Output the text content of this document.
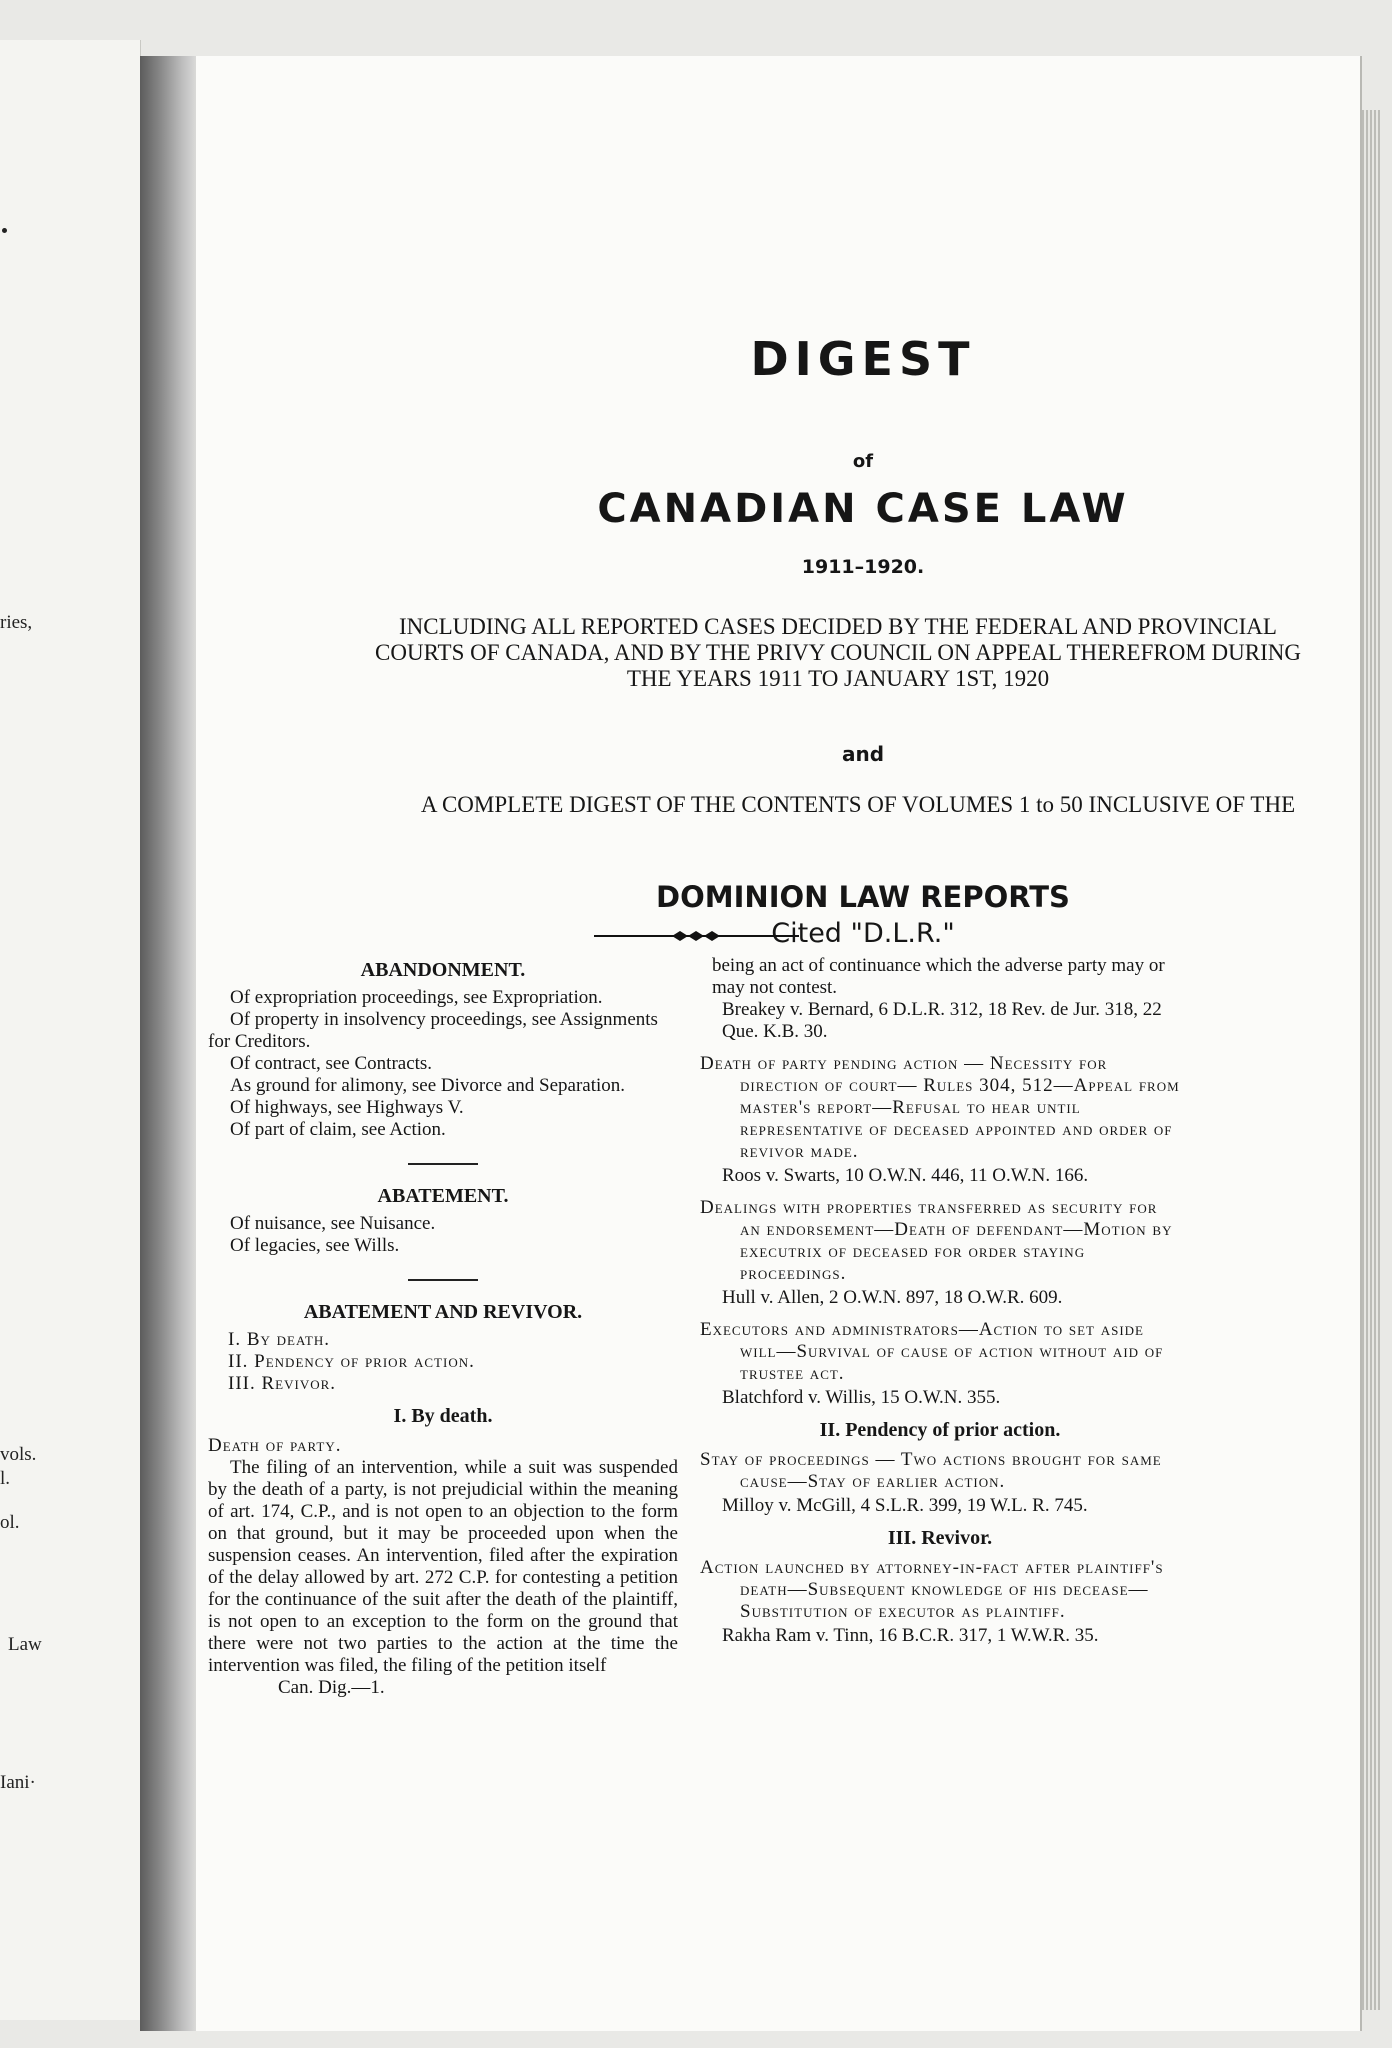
ries,
vols.
l.
ol.
Law
Iani·
DIGEST
of
CANADIAN CASE LAW
1911–1920.
INCLUDING ALL REPORTED CASES DECIDED BY THE FEDERAL AND PROVINCIAL COURTS OF CANADA, AND BY THE PRIVY COUNCIL ON APPEAL THEREFROM DURING THE YEARS 1911 TO JANUARY 1ST, 1920
and
A COMPLETE DIGEST OF THE CONTENTS OF VOLUMES 1 to 50 INCLUSIVE OF THE
DOMINION LAW REPORTS
Cited "D.L.R."
ABANDONMENT.

Of expropriation proceedings, see Expropriation.

Of property in insolvency proceedings, see Assignments for Creditors.

Of contract, see Contracts.

As ground for alimony, see Divorce and Separation.

Of highways, see Highways V.

Of part of claim, see Action.

ABATEMENT.

Of nuisance, see Nuisance.

Of legacies, see Wills.

ABATEMENT AND REVIVOR.
I. By death.
II. Pendency of prior action.
III. Revivor.
I. By death.
Death of party.

The filing of an intervention, while a suit was suspended by the death of a party, is not prejudicial within the meaning of art. 174, C.P., and is not open to an objection to the form on that ground, but it may be proceeded upon when the suspension ceases. An intervention, filed after the expiration of the delay allowed by art. 272 C.P. for contesting a petition for the continuance of the suit after the death of the plaintiff, is not open to an exception to the form on the ground that there were not two parties to the action at the time the intervention was filed, the filing of the petition itself

Can. Dig.—1.

being an act of continuance which the adverse party may or may not contest.

Breakey v. Bernard, 6 D.L.R. 312, 18 Rev. de Jur. 318, 22 Que. K.B. 30.

Death of party pending action — Necessity for direction of court— Rules 304, 512—Appeal from master's report—Refusal to hear until representative of deceased appointed and order of revivor made.

Roos v. Swarts, 10 O.W.N. 446, 11 O.W.N. 166.

Dealings with properties transferred as security for an endorsement—Death of defendant—Motion by executrix of deceased for order staying proceedings.

Hull v. Allen, 2 O.W.N. 897, 18 O.W.R. 609.

Executors and administrators—Action to set aside will—Survival of cause of action without aid of trustee act.

Blatchford v. Willis, 15 O.W.N. 355.

II. Pendency of prior action.

Stay of proceedings — Two actions brought for same cause—Stay of earlier action.

Milloy v. McGill, 4 S.L.R. 399, 19 W.L. R. 745.

III. Revivor.

Action launched by attorney-in-fact after plaintiff's death—Subsequent knowledge of his decease—Substitution of executor as plaintiff.

Rakha Ram v. Tinn, 16 B.C.R. 317, 1 W.W.R. 35.
